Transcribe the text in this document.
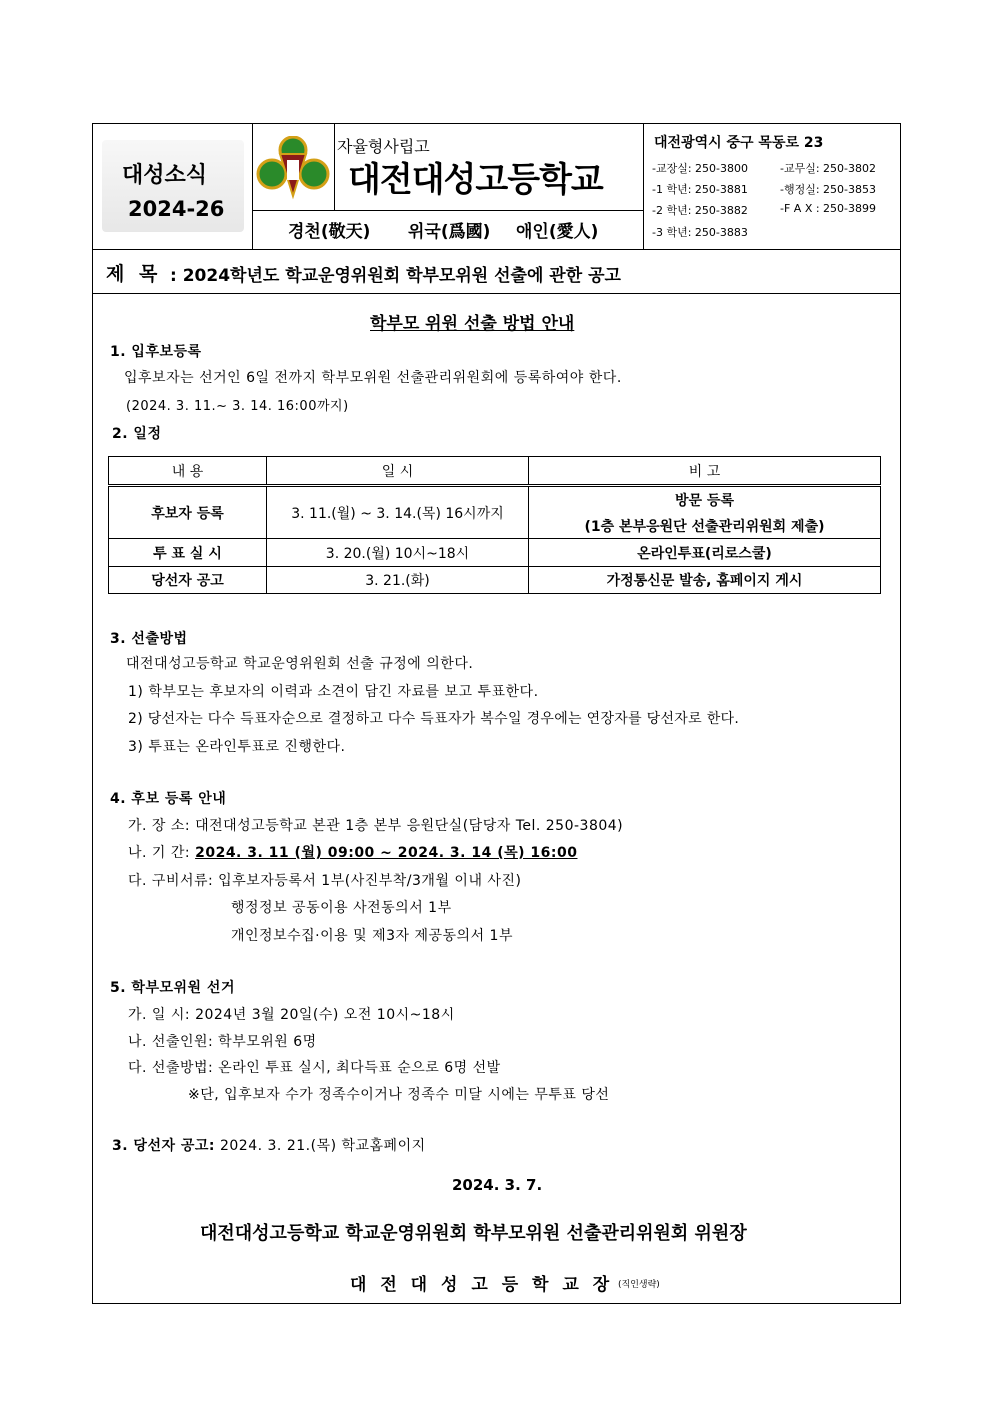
대성소식
2024-26
자율형사립고
대전대성고등학교
경천(敬天) 위국(爲國) 애인(愛人)
대전광역시 중구 목동로 23
-교장실: 250-3800	-교무실: 250-3802
-1 학년: 250-3881	-행정실: 250-3853
-2 학년: 250-3882	-F A X : 250-3899
-3 학년: 250-3883
제 목 : 2024학년도 학교운영위원회 학부모위원 선출에 관한 공고
학부모 위원 선출 방법 안내
1. 입후보등록
입후보자는 선거인 6일 전까지 학부모위원 선출관리위원회에 등록하여야 한다.
(2024. 3. 11.~ 3. 14. 16:00까지)
2. 일정
내 용	일 시	비 고
후보자 등록	3. 11.(월) ~ 3. 14.(목) 16시까지	방문 등록
(1층 본부응원단 선출관리위원회 제출)

투 표 실 시	3. 20.(월) 10시~18시	온라인투표(리로스쿨)
당선자 공고	3. 21.(화)	가정통신문 발송, 홈페이지 게시
3. 선출방법
대전대성고등학교 학교운영위원회 선출 규정에 의한다.
1) 학부모는 후보자의 이력과 소견이 담긴 자료를 보고 투표한다.
2) 당선자는 다수 득표자순으로 결정하고 다수 득표자가 복수일 경우에는 연장자를 당선자로 한다.
3) 투표는 온라인투표로 진행한다.
4. 후보 등록 안내
가. 장 소: 대전대성고등학교 본관 1층 본부 응원단실(담당자 Tel. 250-3804)
나. 기 간: 2024. 3. 11 (월) 09:00 ~ 2024. 3. 14 (목) 16:00
다. 구비서류: 입후보자등록서 1부(사진부착/3개월 이내 사진)
행정정보 공동이용 사전동의서 1부
개인정보수집·이용 및 제3자 제공동의서 1부
5. 학부모위원 선거
가. 일 시: 2024년 3월 20일(수) 오전 10시~18시
나. 선출인원: 학부모위원 6명
다. 선출방법: 온라인 투표 실시, 최다득표 순으로 6명 선발
※단, 입후보자 수가 정족수이거나 정족수 미달 시에는 무투표 당선
3. 당선자 공고: 2024. 3. 21.(목) 학교홈페이지
2024. 3. 7.
대전대성고등학교 학교운영위원회 학부모위원 선출관리위원회 위원장
대 전 대 성 고 등 학 교 장 (직인생략)
